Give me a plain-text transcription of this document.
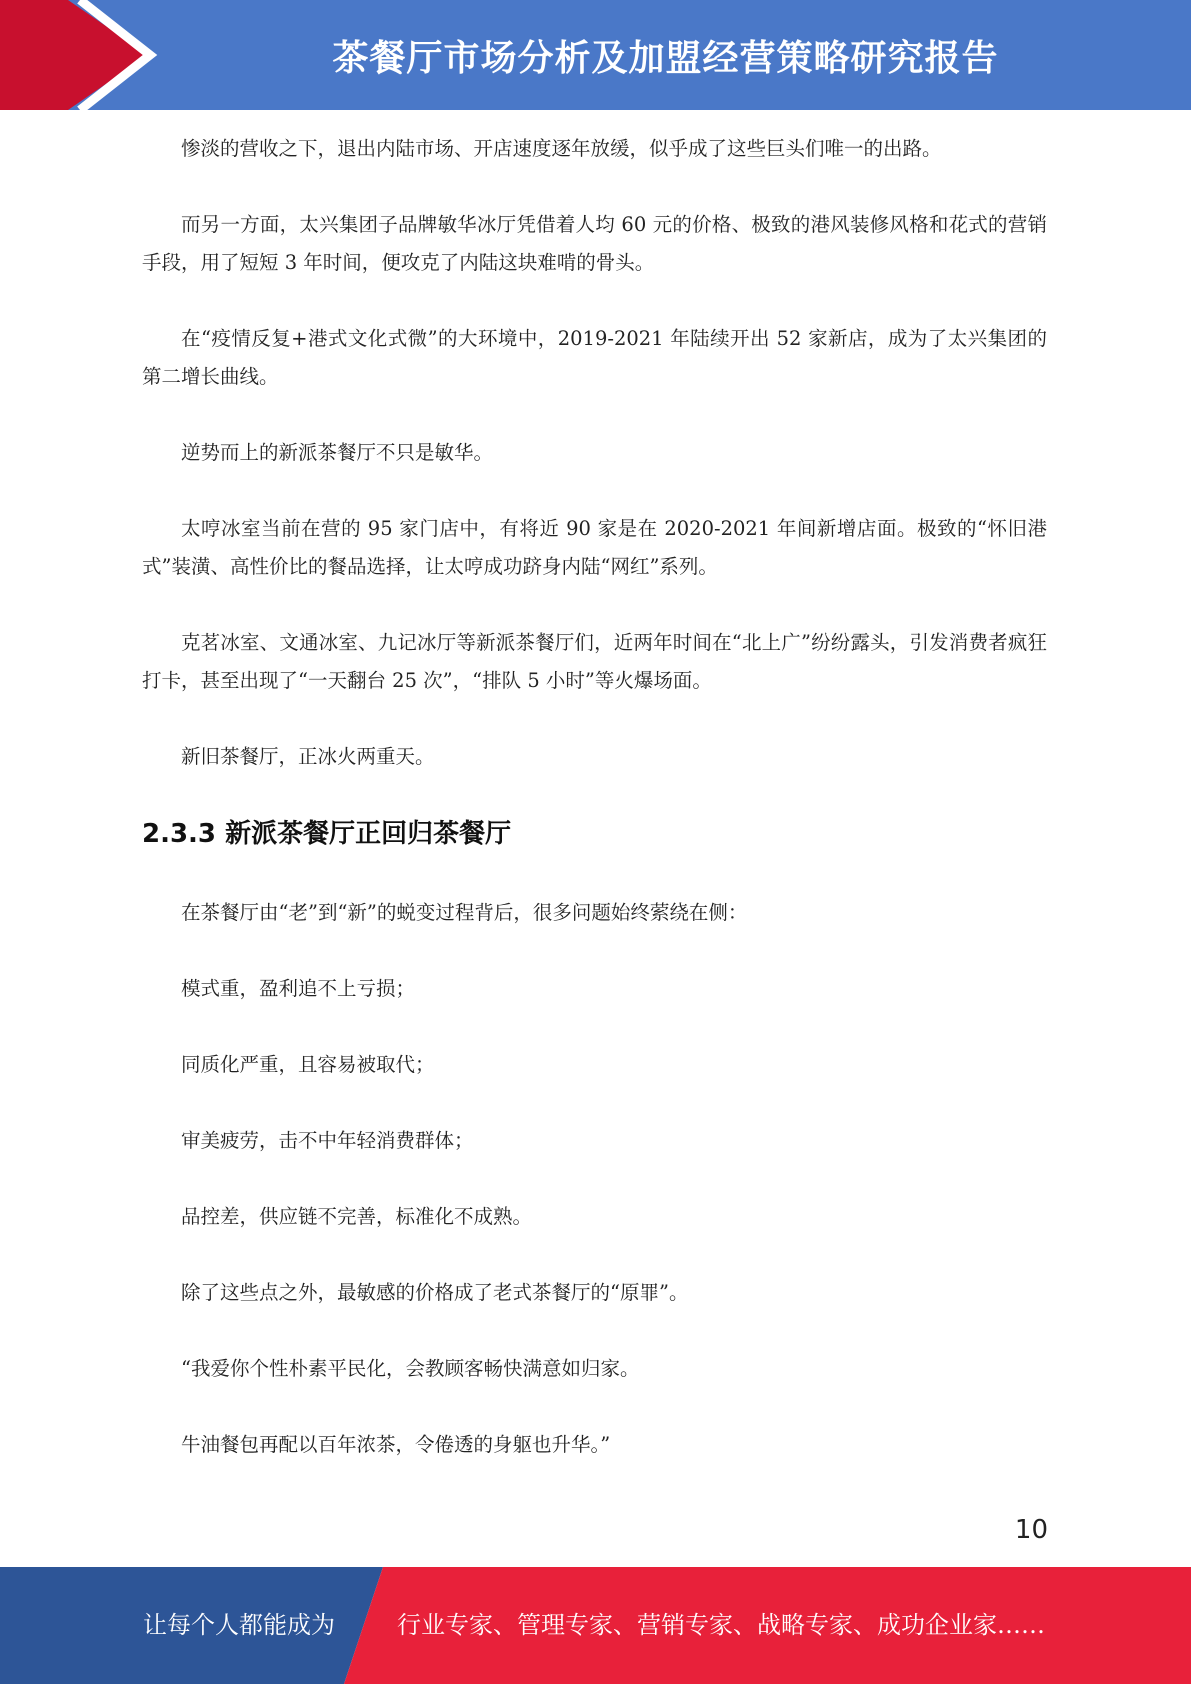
茶餐厅市场分析及加盟经营策略研究报告

惨淡的营收之下，退出内陆市场、开店速度逐年放缓，似乎成了这些巨头们唯一的出路。

而另一方面，太兴集团子品牌敏华冰厅凭借着人均 60 元的价格、极致的港风装修风格和花式的营销手段，用了短短 3 年时间，便攻克了内陆这块难啃的骨头。

在“疫情反复+港式文化式微”的大环境中，2019-2021 年陆续开出 52 家新店，成为了太兴集团的第二增长曲线。

逆势而上的新派茶餐厅不只是敏华。

太哼冰室当前在营的 95 家门店中，有将近 90 家是在 2020-2021 年间新增店面。极致的“怀旧港式”装潢、高性价比的餐品选择，让太哼成功跻身内陆“网红”系列。

克茗冰室、文通冰室、九记冰厅等新派茶餐厅们，近两年时间在“北上广”纷纷露头，引发消费者疯狂打卡，甚至出现了“一天翻台 25 次”，“排队 5 小时”等火爆场面。

新旧茶餐厅，正冰火两重天。

2.3.3 新派茶餐厅正回归茶餐厅

在茶餐厅由“老”到“新”的蜕变过程背后，很多问题始终萦绕在侧：

模式重，盈利追不上亏损；

同质化严重，且容易被取代；

审美疲劳，击不中年轻消费群体；

品控差，供应链不完善，标准化不成熟。

除了这些点之外，最敏感的价格成了老式茶餐厅的“原罪”。

“我爱你个性朴素平民化，会教顾客畅快满意如归家。

牛油餐包再配以百年浓茶，令倦透的身躯也升华。”

10
让每个人都能成为	行业专家、管理专家、营销专家、战略专家、成功企业家……
